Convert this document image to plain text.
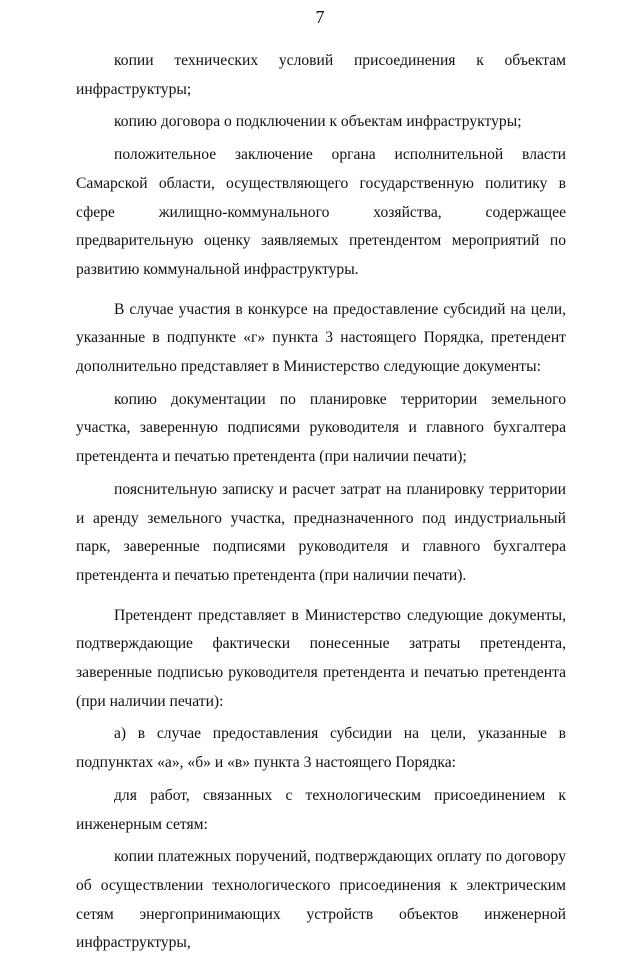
7

копии технических условий присоединения к объектам инфраструктуры;

копию договора о подключении к объектам инфраструктуры;

положительное заключение органа исполнительной власти Самарской области, осуществляющего государственную политику в сфере жилищно-коммунального хозяйства, содержащее предварительную оценку заявляемых претендентом мероприятий по развитию коммунальной инфраструктуры.

В случае участия в конкурсе на предоставление субсидий на цели, указанные в подпункте «г» пункта 3 настоящего Порядка, претендент дополнительно представляет в Министерство следующие документы:

копию документации по планировке территории земельного участка, заверенную подписями руководителя и главного бухгалтера претендента и печатью претендента (при наличии печати);

пояснительную записку и расчет затрат на планировку территории и аренду земельного участка, предназначенного под индустриальный парк, заверенные подписями руководителя и главного бухгалтера претендента и печатью претендента (при наличии печати).

Претендент представляет в Министерство следующие документы, подтверждающие фактически понесенные затраты претендента, заверенные подписью руководителя претендента и печатью претендента (при наличии печати):

а) в случае предоставления субсидии на цели, указанные в подпунктах «а», «б» и «в» пункта 3 настоящего Порядка:

для работ, связанных с технологическим присоединением к инженерным сетям:

копии платежных поручений, подтверждающих оплату по договору об осуществлении технологического присоединения к электрическим сетям энергопринимающих устройств объектов инженерной инфраструктуры,
